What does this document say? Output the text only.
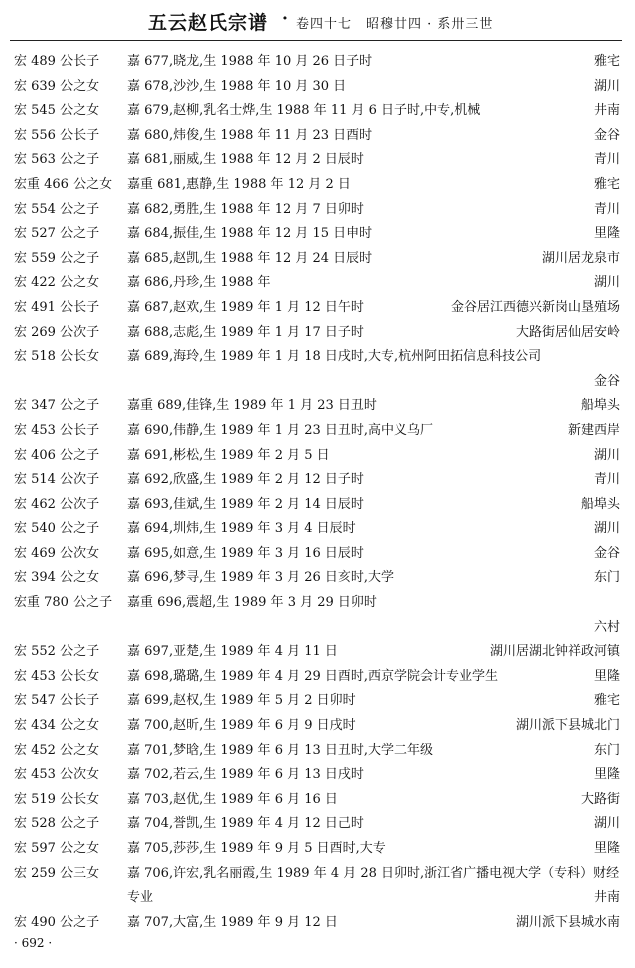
五云赵氏宗谱 · 卷四十七　昭穆廿四 · 系卅三世
宏 489 公长子 嘉 677,晓龙,生 1988 年 10 月 26 日子时	雅宅
宏 639 公之女 嘉 678,沙沙,生 1988 年 10 月 30 日	湖川
宏 545 公之女 嘉 679,赵柳,乳名士烨,生 1988 年 11 月 6 日子时,中专,机械	井南
宏 556 公长子 嘉 680,炜俊,生 1988 年 11 月 23 日酉时	金谷
宏 563 公之子 嘉 681,丽威,生 1988 年 12 月 2 日辰时	青川
宏重 466 公之女 嘉重 681,惠静,生 1988 年 12 月 2 日	雅宅
宏 554 公之子 嘉 682,勇胜,生 1988 年 12 月 7 日卯时	青川
宏 527 公之子 嘉 684,振佳,生 1988 年 12 月 15 日申时	里隆
宏 559 公之子 嘉 685,赵凯,生 1988 年 12 月 24 日辰时	湖川居龙泉市
宏 422 公之女 嘉 686,丹珍,生 1988 年	湖川
宏 491 公长子 嘉 687,赵欢,生 1989 年 1 月 12 日午时	金谷居江西德兴新岗山垦殖场
宏 269 公次子 嘉 688,志彪,生 1989 年 1 月 17 日子时	大路街居仙居安岭
宏 518 公长女 嘉 689,海玲,生 1989 年 1 月 18 日戌时,大专,杭州阿田拓信息科技公司
金谷
宏 347 公之子 嘉重 689,佳锋,生 1989 年 1 月 23 日丑时	船埠头
宏 453 公长子 嘉 690,伟静,生 1989 年 1 月 23 日丑时,高中义乌厂	新建西岸
宏 406 公之子 嘉 691,彬松,生 1989 年 2 月 5 日	湖川
宏 514 公次子 嘉 692,欣盛,生 1989 年 2 月 12 日子时	青川
宏 462 公次子 嘉 693,佳斌,生 1989 年 2 月 14 日辰时	船埠头
宏 540 公之子 嘉 694,圳炜,生 1989 年 3 月 4 日辰时	湖川
宏 469 公次女 嘉 695,如意,生 1989 年 3 月 16 日辰时	金谷
宏 394 公之女 嘉 696,梦寻,生 1989 年 3 月 26 日亥时,大学	东门
宏重 780 公之子	嘉重 696,震超,生 1989 年 3 月 29 日卯时
六村
宏 552 公之子 嘉 697,亚楚,生 1989 年 4 月 11 日	湖川居湖北钟祥政河镇
宏 453 公长女 嘉 698,璐璐,生 1989 年 4 月 29 日酉时,西京学院会计专业学生	里隆
宏 547 公长子 嘉 699,赵权,生 1989 年 5 月 2 日卯时	雅宅
宏 434 公之女 嘉 700,赵昕,生 1989 年 6 月 9 日戌时	湖川派下县城北门
宏 452 公之女 嘉 701,梦晗,生 1989 年 6 月 13 日丑时,大学二年级	东门
宏 453 公次女 嘉 702,若云,生 1989 年 6 月 13 日戌时	里隆
宏 519 公长女 嘉 703,赵优,生 1989 年 6 月 16 日	大路街
宏 528 公之子 嘉 704,誉凯,生 1989 年 4 月 12 日己时	湖川
宏 597 公之女 嘉 705,莎莎,生 1989 年 9 月 5 日酉时,大专	里隆
宏 259 公三女 嘉 706,许宏,乳名丽霞,生 1989 年 4 月 28 日卯时,浙江省广播电视大学（专科）财经专业	井南
宏 490 公之子 嘉 707,大富,生 1989 年 9 月 12 日	湖川派下县城水南
· 692 ·
